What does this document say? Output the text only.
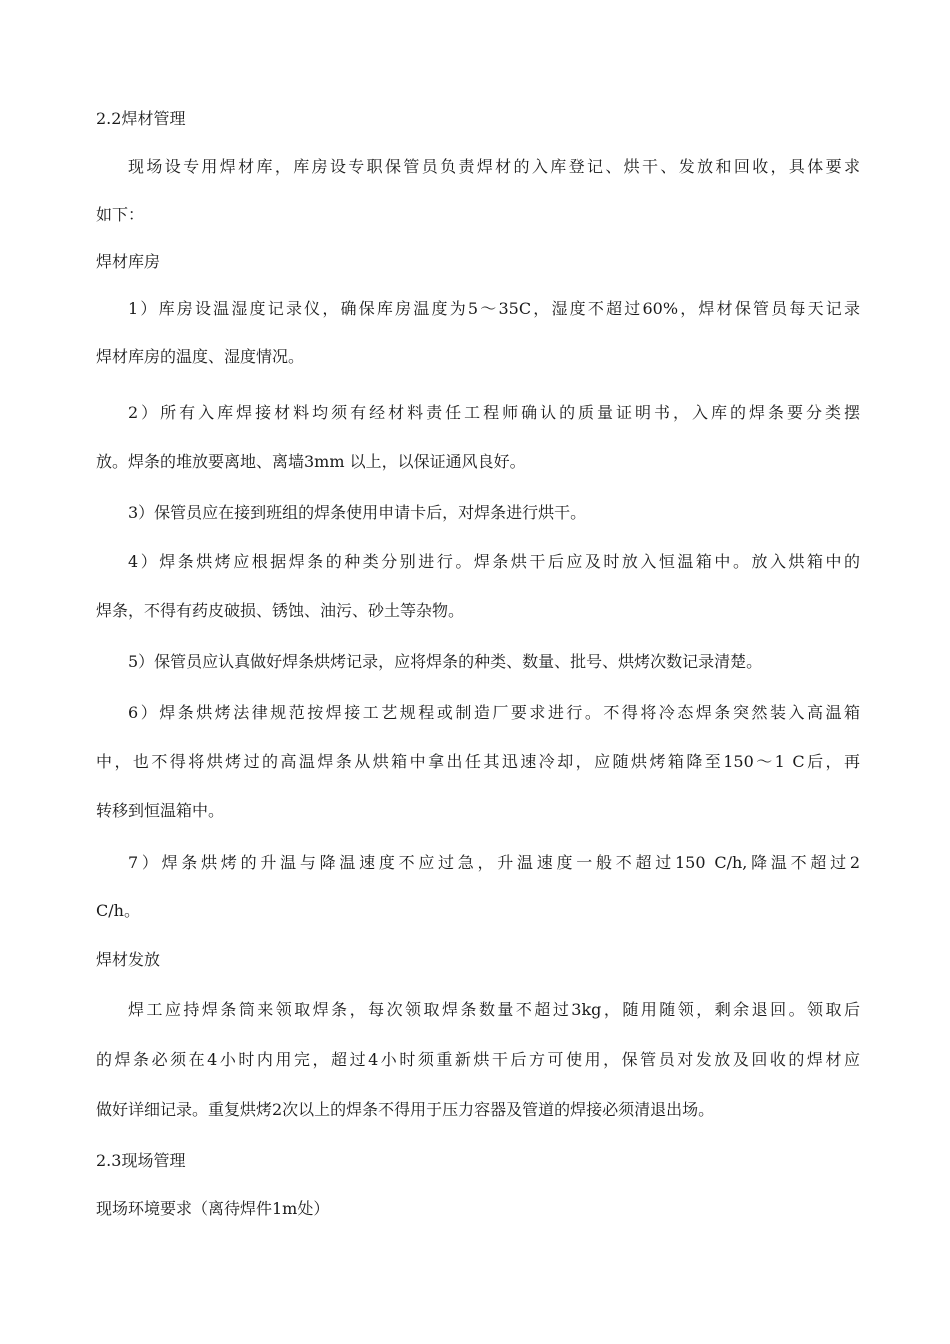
2.2焊材管理
现场设专用焊材库，库房设专职保管员负责焊材的入库登记、烘干、发放和回收，具体要求
如下：
焊材库房
1）库房设温湿度记录仪，确保库房温度为5〜35C，湿度不超过60%，焊材保管员每天记录
焊材库房的温度、湿度情况。
2）所有入库焊接材料均须有经材料责任工程师确认的质量证明书，入库的焊条要分类摆
放。焊条的堆放要离地、离墙3mm 以上，以保证通风良好。
3）保管员应在接到班组的焊条使用申请卡后，对焊条进行烘干。
4）焊条烘烤应根据焊条的种类分别进行。焊条烘干后应及时放入恒温箱中。放入烘箱中的
焊条，不得有药皮破损、锈蚀、油污、砂土等杂物。
5）保管员应认真做好焊条烘烤记录，应将焊条的种类、数量、批号、烘烤次数记录清楚。
6）焊条烘烤法律规范按焊接工艺规程或制造厂要求进行。不得将冷态焊条突然装入高温箱
中，也不得将烘烤过的高温焊条从烘箱中拿出任其迅速冷却，应随烘烤箱降至150〜1 C后，再
转移到恒温箱中。
7）焊条烘烤的升温与降温速度不应过急，升温速度一般不超过150 C/h,降温不超过2
C/h。
焊材发放
焊工应持焊条筒来领取焊条，每次领取焊条数量不超过3kg，随用随领，剩余退回。领取后
的焊条必须在4小时内用完，超过4小时须重新烘干后方可使用，保管员对发放及回收的焊材应
做好详细记录。重复烘烤2次以上的焊条不得用于压力容器及管道的焊接必须清退出场。
2.3现场管理
现场环境要求（离待焊件1m处）
